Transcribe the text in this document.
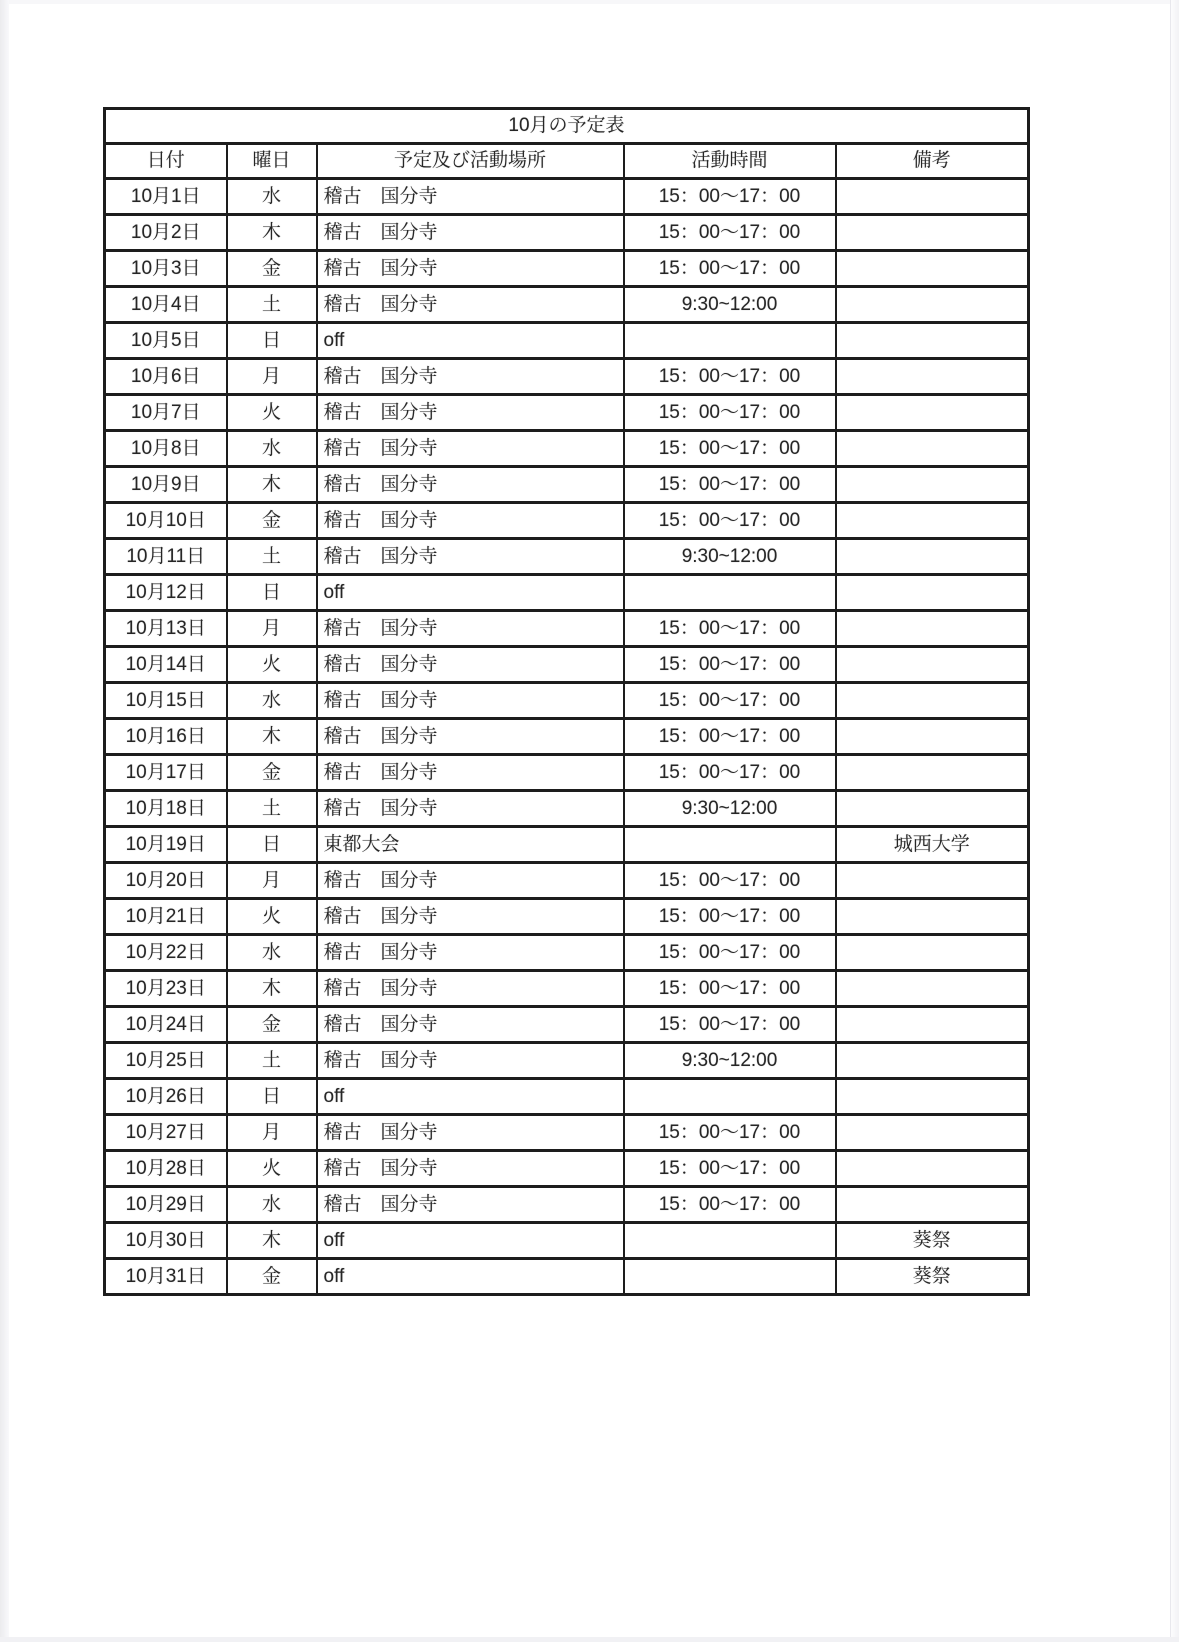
10月の予定表				
日付	曜日	予定及び活動場所	活動時間	備考
10月1日	水	稽古　国分寺	15：00～17：00	
10月2日	木	稽古　国分寺	15：00～17：00	
10月3日	金	稽古　国分寺	15：00～17：00	
10月4日	土	稽古　国分寺	9:30~12:00	
10月5日	日	off		
10月6日	月	稽古　国分寺	15：00～17：00	
10月7日	火	稽古　国分寺	15：00～17：00	
10月8日	水	稽古　国分寺	15：00～17：00	
10月9日	木	稽古　国分寺	15：00～17：00	
10月10日	金	稽古　国分寺	15：00～17：00	
10月11日	土	稽古　国分寺	9:30~12:00	
10月12日	日	off		
10月13日	月	稽古　国分寺	15：00～17：00	
10月14日	火	稽古　国分寺	15：00～17：00	
10月15日	水	稽古　国分寺	15：00～17：00	
10月16日	木	稽古　国分寺	15：00～17：00	
10月17日	金	稽古　国分寺	15：00～17：00	
10月18日	土	稽古　国分寺	9:30~12:00	
10月19日	日	東都大会		城西大学
10月20日	月	稽古　国分寺	15：00～17：00	
10月21日	火	稽古　国分寺	15：00～17：00	
10月22日	水	稽古　国分寺	15：00～17：00	
10月23日	木	稽古　国分寺	15：00～17：00	
10月24日	金	稽古　国分寺	15：00～17：00	
10月25日	土	稽古　国分寺	9:30~12:00	
10月26日	日	off		
10月27日	月	稽古　国分寺	15：00～17：00	
10月28日	火	稽古　国分寺	15：00～17：00	
10月29日	水	稽古　国分寺	15：00～17：00	
10月30日	木	off		葵祭
10月31日	金	off		葵祭
